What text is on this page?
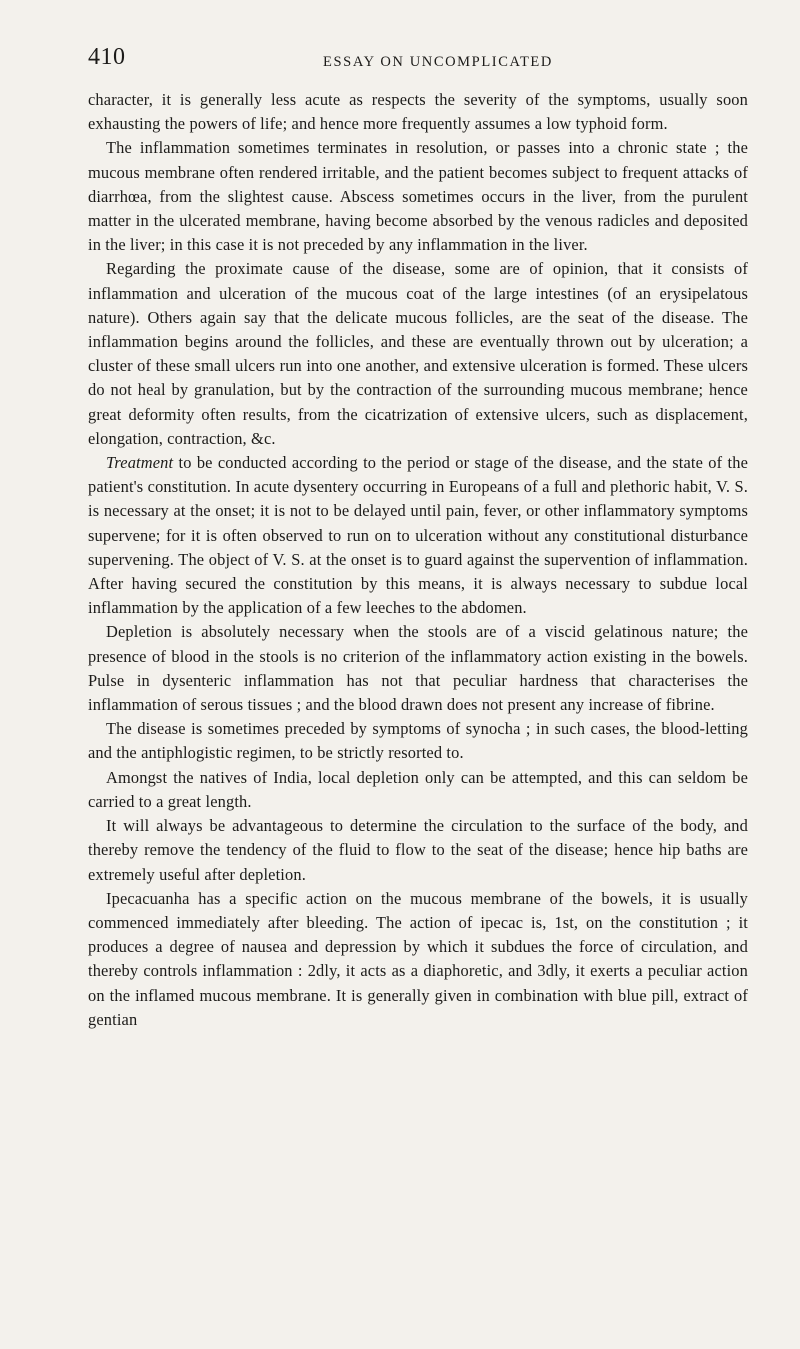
410	ESSAY ON UNCOMPLICATED

character, it is generally less acute as respects the severity of the symptoms, usually soon exhausting the powers of life; and hence more frequently assumes a low typhoid form.

The inflammation sometimes terminates in resolution, or passes into a chronic state ; the mucous membrane often rendered irritable, and the patient becomes subject to frequent attacks of diarrhœa, from the slightest cause. Abscess sometimes occurs in the liver, from the purulent matter in the ulcerated membrane, having become absorbed by the venous radicles and deposited in the liver; in this case it is not preceded by any inflammation in the liver.

Regarding the proximate cause of the disease, some are of opinion, that it consists of inflammation and ulceration of the mucous coat of the large intestines (of an erysipelatous nature). Others again say that the delicate mucous follicles, are the seat of the disease. The inflammation begins around the follicles, and these are eventually thrown out by ulceration; a cluster of these small ulcers run into one another, and extensive ulceration is formed. These ulcers do not heal by granulation, but by the contraction of the surrounding mucous membrane; hence great deformity often results, from the cicatrization of extensive ulcers, such as displacement, elongation, contraction, &c.

Treatment to be conducted according to the period or stage of the disease, and the state of the patient's constitution. In acute dysentery occurring in Europeans of a full and plethoric habit, V. S. is necessary at the onset; it is not to be delayed until pain, fever, or other inflammatory symptoms supervene; for it is often observed to run on to ulceration without any constitutional disturbance supervening. The object of V. S. at the onset is to guard against the supervention of inflammation. After having secured the constitution by this means, it is always necessary to subdue local inflammation by the application of a few leeches to the abdomen.

Depletion is absolutely necessary when the stools are of a viscid gelatinous nature; the presence of blood in the stools is no criterion of the inflammatory action existing in the bowels. Pulse in dysenteric inflammation has not that peculiar hardness that characterises the inflammation of serous tissues ; and the blood drawn does not present any increase of fibrine.

The disease is sometimes preceded by symptoms of synocha ; in such cases, the blood-letting and the antiphlogistic regimen, to be strictly resorted to.

Amongst the natives of India, local depletion only can be attempted, and this can seldom be carried to a great length.

It will always be advantageous to determine the circulation to the surface of the body, and thereby remove the tendency of the fluid to flow to the seat of the disease; hence hip baths are extremely useful after depletion.

Ipecacuanha has a specific action on the mucous membrane of the bowels, it is usually commenced immediately after bleeding. The action of ipecac is, 1st, on the constitution ; it produces a degree of nausea and depression by which it subdues the force of circulation, and thereby controls inflammation : 2dly, it acts as a diaphoretic, and 3dly, it exerts a peculiar action on the inflamed mucous membrane. It is generally given in combination with blue pill, extract of gentian
